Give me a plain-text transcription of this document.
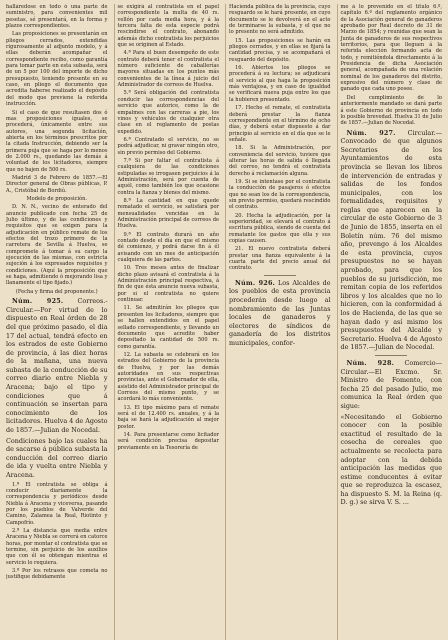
halláredose en todo ó una parte de suministro, para convenientes mil pesetas, sé presentará, en la forma y plazos correspondientes.

Las proposiciones se presentarán en pliegos cerrados, extendidas rigurosamente al adjunto modelo, y á ellas deberán acompañar el correspondiente recibo, como garantía para tomar parte en esta subasta, será de un 5 por 100 del importe de dicho presupuesto, teniendo presente en su caso, en pliego el documento que acredita haberse realizado el depósito del modo que previene la referida instrucción.

Si el caso de que resultasen dos ó mas proposiciones iguales, se procederá, únicamente entre sus autores, una segunda licitación, abierta en los términos prescritos por la citada Instrucción, debiendo ser la primera puja que se haga por lo menos de 2.000 rs., quedando las demás á voluntad de los licitadores, siempre que no bajen de 500 rs.

Madrid 3 de Febrero de 1857.—El Director general de Obras públicas, P. A., Cristóbal de Bordiú.

Modelo de proposición.

D. N. N., vecino de enterado del anuncio publicado con fecha 25 de Julio último, y de las condiciones y requisitos que se exigen para la adjudicación en público remate de los efectos del trozo primero de la carretera de Sevilla á Huelva, se compromete á tomar á su cargo la ejecución de las mismas, con estricta sujeción á los expresados requisitos y condiciones. (Aquí la proposición que se haga, admitiendo ó mejorando lisa y llanamente el tipo fijado.)

(Fecha y firma del proponente.)

Núm. 925. Correos.-Circular.—Por virtud de lo dispuesto en Real órden de 28 del que próximo pasado, el dia 17 del actual, tendrá efecto en los estrados de este Gobierno de provincia, á las diez horas de la mañana, una nueva subasta de la conducción de su correo diario entre Niebla y Aracena; bajo el tipo y condiciones que á continuación se insertan para conocimiento de los licitadores. Huelva 4 de Agosto de 1857.—Julian de Nocedal.

Condiciones bajo las cuales ha de sacarse á pública subasta la conducción del correo diario de ida y vuelta entre Niebla y Aracena.

1.ª El contratista se obliga á conducir diariamente la correspondencia y periódicos desde Niebla á Aracena y viceversa, pasando por los pueblos de Valverde del Camino, Zalamea la Real, Riotinto y Campofrío.

2.ª La distancia que media entre Aracena y Niebla se correrá en catorce horas, por montar el contratista que se termine, sin perjuicio de los auxilios que con él se obtengan mientras el servicio lo requiera.

3.ª Por los retrasos que cometa no justifique debidamente

se exigirá al contratista en el papel correspondiente la multa de 40 rs. vellón por cada media hora, y á la tercera falta de esta especie podrá rescindirse el contrato, abonando además dicho contratista los perjuicios que se originen al Estado.

4.ª Para el buen desempeño de este contrato deberá tener el contratista el número suficiente de caballerías mayores situadas en los puntos más convenientes de la línea á juicio del Administrador de correos de Huelva.

5.ª Será obligación del contratista conducir las correspondencias del servicio que autorice, como la de empalmes con las carreras a pie, los vinos y vehículos de cualquier otra clase en el reglamento de postas expedido.

6.ª Contratado el servicio, no se podrá adjudicar, ni gravar ningún otro, sin previo permiso del Gobierno.

7.ª Si por faltar el contratista á cualquiera de las condiciones estipuladas se irrogasen perjuicios á la Administración, será por cuenta de aquél, como también los que ocasione contra la fianza y bienes del mismo.

8.ª La cantidad en que quede rematado el servicio, se satisfará por mensualidades vencidas en la Administración principal de correos de Huelva.

9.ª El contrato durará un año contado desde el día en que el mismo dé comienzo, y podrá darse fin á él avisando con un mes de anticipación cualquiera de las partes.

10. Tres meses antes de finalizar dicho plazo avisará el contratista á la Administración principal respectiva, á fin de que ésta anuncie nueva subasta, por si el contratista no quiere continuar.

11. Se admitirán los pliegos que presenten los licitadores, siempre que se hallen extendidos en el papel sellado correspondiente, y llevando un documento que acredite haber depositado la cantidad de 500 rs. como garantía.

12. La subasta se celebrará en los estrados del Gobierno de la provincia de Huelva, y por las demás autoridades en sus respectivas provincias, ante el Gobernador de ella, asistido del Administrador principal de Correos del mismo punto, y se acordará lo más conveniente.

13. El tipo máximo para el remate será el de 12.400 rs. anuales, y á la baja se hará la adjudicación al mejor postor.

14. Para presentarse como licitador será condición precisa depositar previamente en la Tesorería de

Hacienda pública de la provincia, cuyo resguardo se le hará presente, en cuyo documento se le devolverá en el acto de terminarse la subasta, y el que no lo presente no será admitido.

15. Las proposiciones se harán en pliegos cerrados, y en ellas se fijará la cantidad precisa, y se acompañará el resguardo del depósito.

16. Abiertos los pliegos se procederá á su lectura; se adjudicará el servicio al que haga la proposición más ventajosa, y en caso de igualdad se verificará nueva puja entre los que la hubieren presentado.

17. Hecho el remate, el contratista deberá prestar la fianza correspondiente en el término de ocho días, y deberá estar dispuesto á dar principio al servicio en el día que se le señale.

18. Si la Administración, por conveniencia del servicio, tuviere que alterar las horas de salida ó llegada del correo, no tendrá el contratista derecho á reclamación alguna.

19. Si se intentase por el contratista la conducción de pasajeros ó efectos que no sean los de la correspondencia, sin previo permiso, quedará rescindido el contrato.

20. Hecha la adjudicación, por la superioridad, se elevará el contrato á escritura pública, siendo de cuenta del rematante los gastos que ella y sus copias causen.

21. El nuevo contratista deberá prestar una fianza equivalente á la cuarta parte del precio anual del contrato.

Núm. 926. Los Alcaldes de los pueblos de esta provincia procederán desde luego al nombramiento de las Juntas locales de ganaderos y electores de síndicos de ganadería de los distritos municipales, confor-

me á lo prevenido en el título 6.º, capítulo 6.º del reglamento orgánico de la Asociación general de ganaderos aprobado por Real decreto de 31 de Marzo de 1854; y reunidas que sean la Junta de ganaderos de sus respectivos territorios, para que lleguen á la referida elección formando acta de todo, y remitiéndola directamente á la Presidencia de dicha Asociación general, acompañada de una relación nominal de los ganaderos del distrito, expresivo del número y clase de ganado que cada uno posee.

Del cumplimiento de lo anteriormente mandado se dará parte á este Gobierno de provincia en todo lo posible brevedad. Huelva 31 de Julio de 1857.—Julian de Nocedal.

Núm. 927. Circular.—Convocado de que algunos Secretarios de los Ayuntamientos de esta provincia se llevan los libros de intervención de entradas y salidas de los fondos municipales, con los formalidades, requisitos y reglas que aparecen en la circular de este Gobierno de 3 de Junio de 1855, inserta en el Boletín núm. 76 del mismo año, prevengo á los Alcaldes de esta provincia, cuyos presupuestos no se hayan aprobado, para que los pueblos de su jurisdicción, me remitan copia de los referidos libros y los alcaldes que no lo hicieren, con la conformidad á los de Hacienda, de las que se hayan dado y así mismo los presupuestos del Alcalde y Secretario. Huelva 4 de Agosto de 1857.—Julian de Nocedal.

Núm. 928. Comercio—Circular.—El Excmo. Sr. Ministro de Fomento, con fecha 25 del pasado Julio, me comunica la Real órden que sigue:

«Necesitando el Gobierno conocer con la posible exactitud el resultado de la cosecha de cereales que actualmente se recolecta para adoptar con la debida anticipación las medidas que estime conducentes á evitar que se reproduzca la escasez, ha dispuesto S. M. la Reina (q. D. g.) se sirva V. S. ...
